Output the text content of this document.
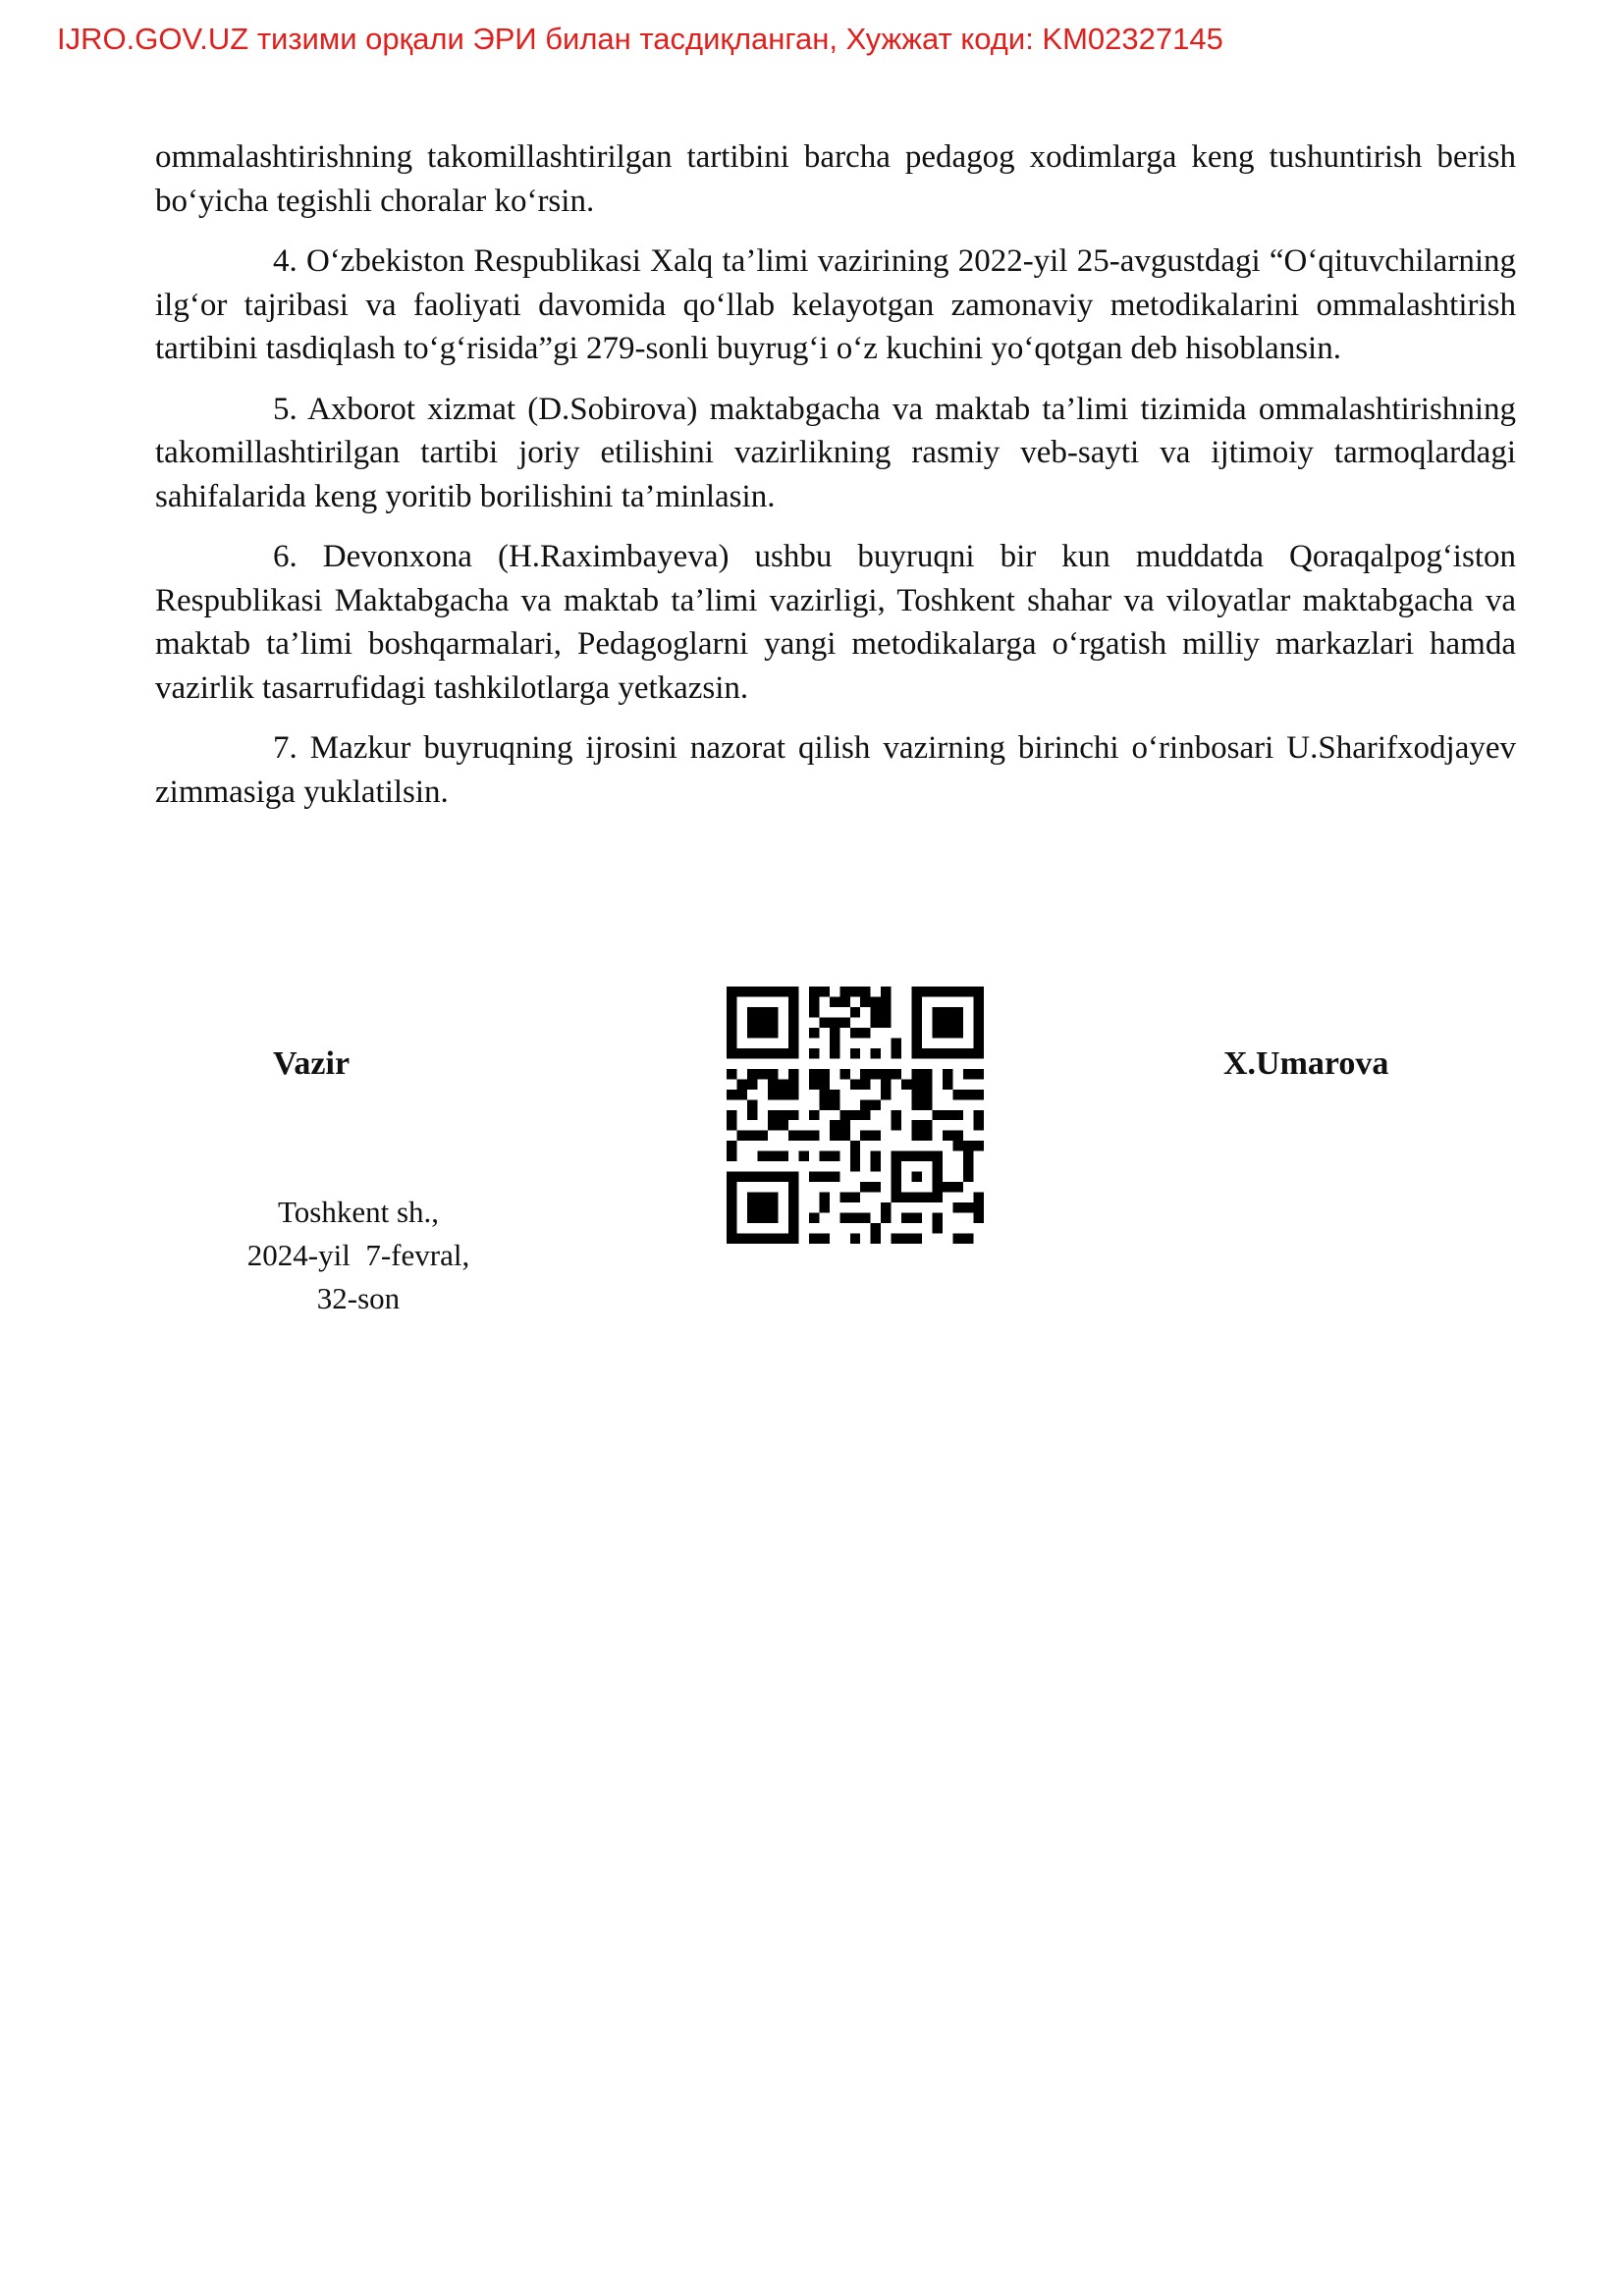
IJRO.GOV.UZ тизими орқали ЭРИ билан тасдиқланган, Хужжат коди: KM02327145

ommalashtirishning takomillashtirilgan tartibini barcha pedagog xodimlarga keng tushuntirish berish bo‘yicha tegishli choralar ko‘rsin.

4. O‘zbekiston Respublikasi Xalq ta’limi vazirining 2022-yil 25-avgustdagi “O‘qituvchilarning ilg‘or tajribasi va faoliyati davomida qo‘llab kelayotgan zamonaviy metodikalarini ommalashtirish tartibini tasdiqlash to‘g‘risida”gi 279-sonli buyrug‘i o‘z kuchini yo‘qotgan deb hisoblansin.

5. Axborot xizmat (D.Sobirova) maktabgacha va maktab ta’limi tizimida ommalashtirishning takomillashtirilgan tartibi joriy etilishini vazirlikning rasmiy veb-sayti va ijtimoiy tarmoqlardagi sahifalarida keng yoritib borilishini ta’minlasin.

6. Devonxona (H.Raximbayeva) ushbu buyruqni bir kun muddatda Qoraqalpog‘iston Respublikasi Maktabgacha va maktab ta’limi vazirligi, Toshkent shahar va viloyatlar maktabgacha va maktab ta’limi boshqarmalari, Pedagoglarni yangi metodikalarga o‘rgatish milliy markazlari hamda vazirlik tasarrufidagi tashkilotlarga yetkazsin.

7. Mazkur buyruqning ijrosini nazorat qilish vazirning birinchi o‘rinbosari U.Sharifxodjayev zimmasiga yuklatilsin.

Vazir	X.Umarova
Toshkent sh.,
2024-yil  7-fevral,
32-son
